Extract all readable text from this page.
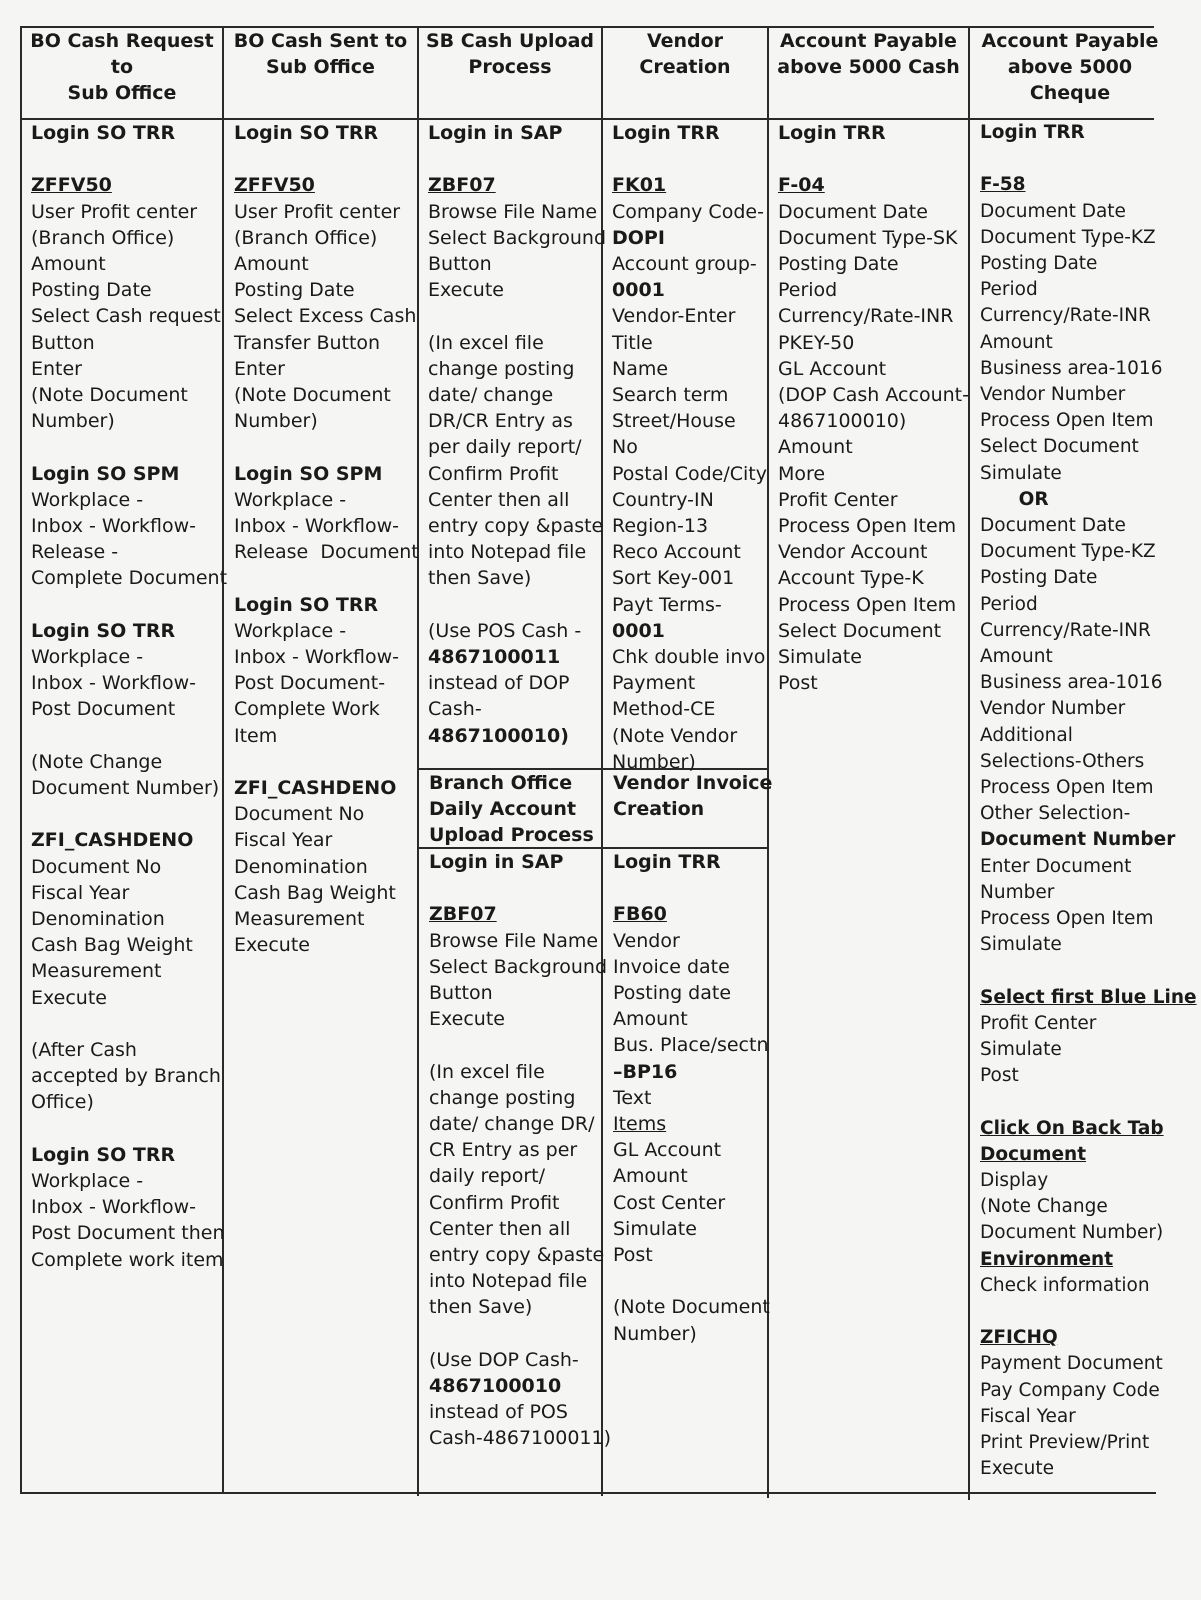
BO Cash Request to
Sub Office
BO Cash Sent to
Sub Office
SB Cash Upload
Process
Vendor
Creation
Account Payable
above 5000 Cash
Account Payable
above 5000 Cheque
Login SO TRR
ZFFV50
User Profit center
(Branch Office)
Amount
Posting Date
Select Cash request
Button
Enter
(Note Document
Number)
Login SO SPM
Workplace -
Inbox - Workflow-
Release -
Complete Document
Login SO TRR
Workplace -
Inbox - Workflow-
Post Document
(Note Change
Document Number)
ZFI_CASHDENO
Document No
Fiscal Year
Denomination
Cash Bag Weight
Measurement
Execute
(After Cash
accepted by Branch
Office)
Login SO TRR
Workplace -
Inbox - Workflow-
Post Document then
Complete work item
Login SO TRR
ZFFV50
User Profit center
(Branch Office)
Amount
Posting Date
Select Excess Cash
Transfer Button
Enter
(Note Document
Number)
Login SO SPM
Workplace -
Inbox - Workflow-
Release  Document
Login SO TRR
Workplace -
Inbox - Workflow-
Post Document-
Complete Work
Item
ZFI_CASHDENO
Document No
Fiscal Year
Denomination
Cash Bag Weight
Measurement
Execute
Login in SAP
ZBF07
Browse File Name
Select Background
Button
Execute
(In excel file
change posting
date/ change
DR/CR Entry as
per daily report/
Confirm Profit
Center then all
entry copy &paste
into Notepad file
then Save)
(Use POS Cash -
4867100011
instead of DOP
Cash-
4867100010)
Branch Office
Daily Account
Upload Process
Login in SAP
ZBF07
Browse File Name
Select Background
Button
Execute
(In excel file
change posting
date/ change DR/
CR Entry as per
daily report/
Confirm Profit
Center then all
entry copy &paste
into Notepad file
then Save)
(Use DOP Cash-
4867100010
instead of POS
Cash-4867100011)
Login TRR
FK01
Company Code-
DOPI
Account group-
0001
Vendor-Enter
Title
Name
Search term
Street/House
No
Postal Code/City
Country-IN
Region-13
Reco Account
Sort Key-001
Payt Terms-
0001
Chk double invo
Payment
Method-CE
(Note Vendor
Number)
Vendor Invoice
Creation
Login TRR
FB60
Vendor
Invoice date
Posting date
Amount
Bus. Place/sectn
–BP16
Text
Items
GL Account
Amount
Cost Center
Simulate
Post
(Note Document
Number)
Login TRR
F-04
Document Date
Document Type-SK
Posting Date
Period
Currency/Rate-INR
PKEY-50
GL Account
(DOP Cash Account-
4867100010)
Amount
More
Profit Center
Process Open Item
Vendor Account
Account Type-K
Process Open Item
Select Document
Simulate
Post
Login TRR
F-58
Document Date
Document Type-KZ
Posting Date
Period
Currency/Rate-INR
Amount
Business area-1016
Vendor Number
Process Open Item
Select Document
Simulate
OR
Document Date
Document Type-KZ
Posting Date
Period
Currency/Rate-INR
Amount
Business area-1016
Vendor Number
Additional
Selections-Others
Process Open Item
Other Selection-
Document Number
Enter Document
Number
Process Open Item
Simulate
Select first Blue Line
Profit Center
Simulate
Post
Click On Back Tab
Document
Display
(Note Change
Document Number)
Environment
Check information
ZFICHQ
Payment Document
Pay Company Code
Fiscal Year
Print Preview/Print
Execute
